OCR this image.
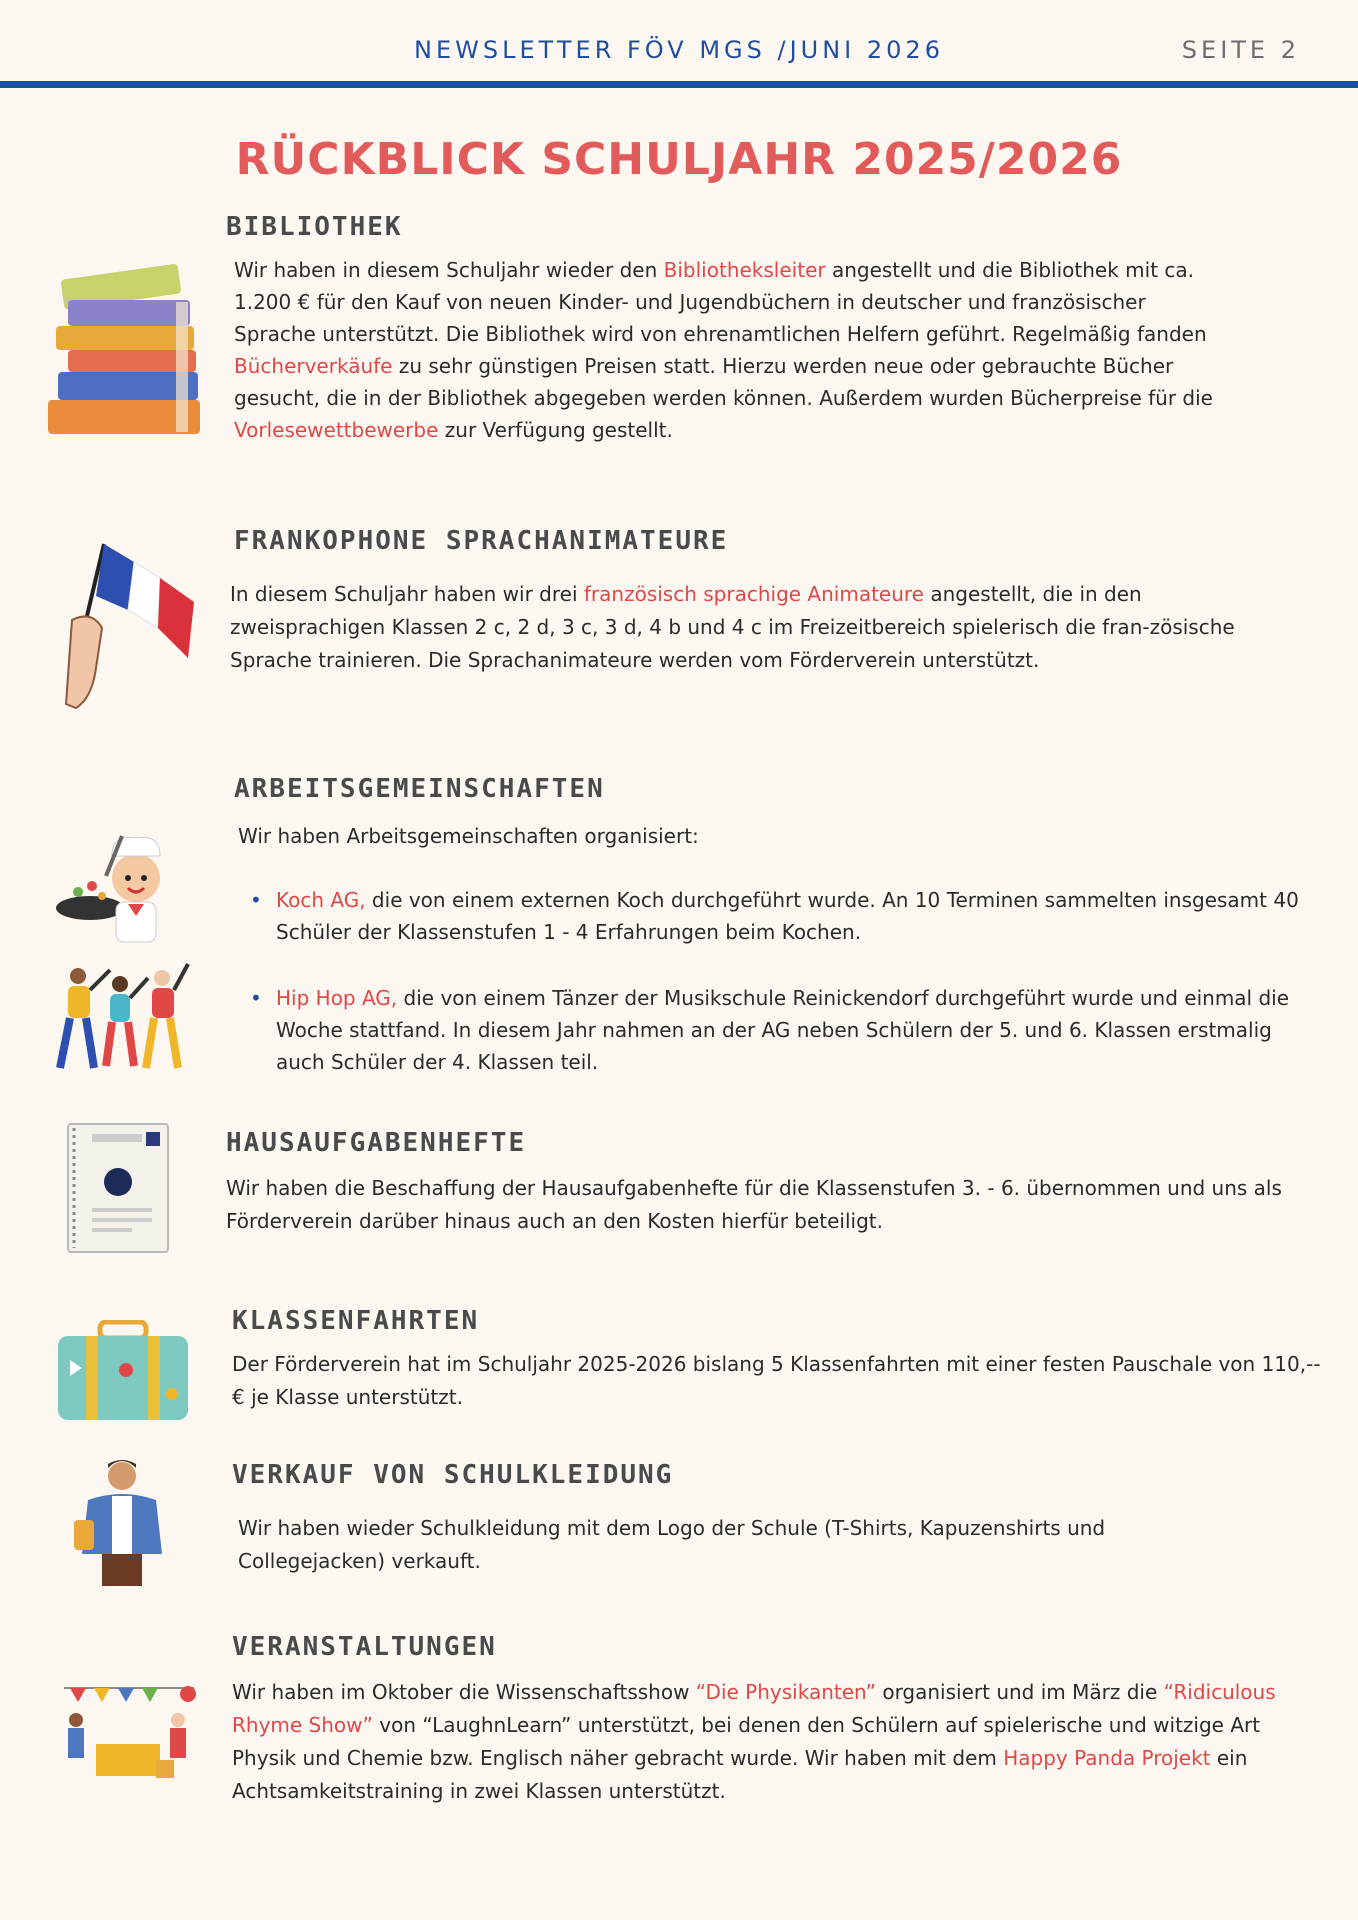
NEWSLETTER FÖV MGS /JUNI 2026	SEITE 2
RÜCKBLICK SCHULJAHR 2025/2026
BIBLIOTHEK
Wir haben in diesem Schuljahr wieder den Bibliotheksleiter angestellt und die Bibliothek mit ca. 1.200 € für den Kauf von neuen Kinder- und Jugendbüchern in deutscher und französischer Sprache unterstützt. Die Bibliothek wird von ehrenamtlichen Helfern geführt. Regelmäßig fanden Bücherverkäufe zu sehr günstigen Preisen statt. Hierzu werden neue oder gebrauchte Bücher gesucht, die in der Bibliothek abgegeben werden können. Außerdem wurden Bücherpreise für die Vorlesewettbewerbe zur Verfügung gestellt.
FRANKOPHONE SPRACHANIMATEURE
In diesem Schuljahr haben wir drei französisch sprachige Animateure angestellt, die in den zweisprachigen Klassen 2 c, 2 d, 3 c, 3 d, 4 b und 4 c im Freizeitbereich spielerisch die fran-zösische Sprache trainieren. Die Sprachanimateure werden vom Förderverein unterstützt.
ARBEITSGEMEINSCHAFTEN
Wir haben Arbeitsgemeinschaften organisiert:
• Koch AG, die von einem externen Koch durchgeführt wurde. An 10 Terminen sammelten insgesamt 40 Schüler der Klassenstufen 1 - 4 Erfahrungen beim Kochen.
• Hip Hop AG, die von einem Tänzer der Musikschule Reinickendorf durchgeführt wurde und einmal die Woche stattfand. In diesem Jahr nahmen an der AG neben Schülern der 5. und 6. Klassen erstmalig auch Schüler der 4. Klassen teil.
HAUSAUFGABENHEFTE
Wir haben die Beschaffung der Hausaufgabenhefte für die Klassenstufen 3. - 6. übernommen und uns als Förderverein darüber hinaus auch an den Kosten hierfür beteiligt.
KLASSENFAHRTEN
Der Förderverein hat im Schuljahr 2025-2026 bislang 5 Klassenfahrten mit einer festen Pauschale von 110,--€ je Klasse unterstützt.
VERKAUF VON SCHULKLEIDUNG
Wir haben wieder Schulkleidung mit dem Logo der Schule (T-Shirts, Kapuzenshirts und Collegejacken) verkauft.
VERANSTALTUNGEN
Wir haben im Oktober die Wissenschaftsshow “Die Physikanten” organisiert und im März die “Ridiculous Rhyme Show” von “LaughnLearn” unterstützt, bei denen den Schülern auf spielerische und witzige Art Physik und Chemie bzw. Englisch näher gebracht wurde. Wir haben mit dem Happy Panda Projekt ein Achtsamkeitstraining in zwei Klassen unterstützt.
